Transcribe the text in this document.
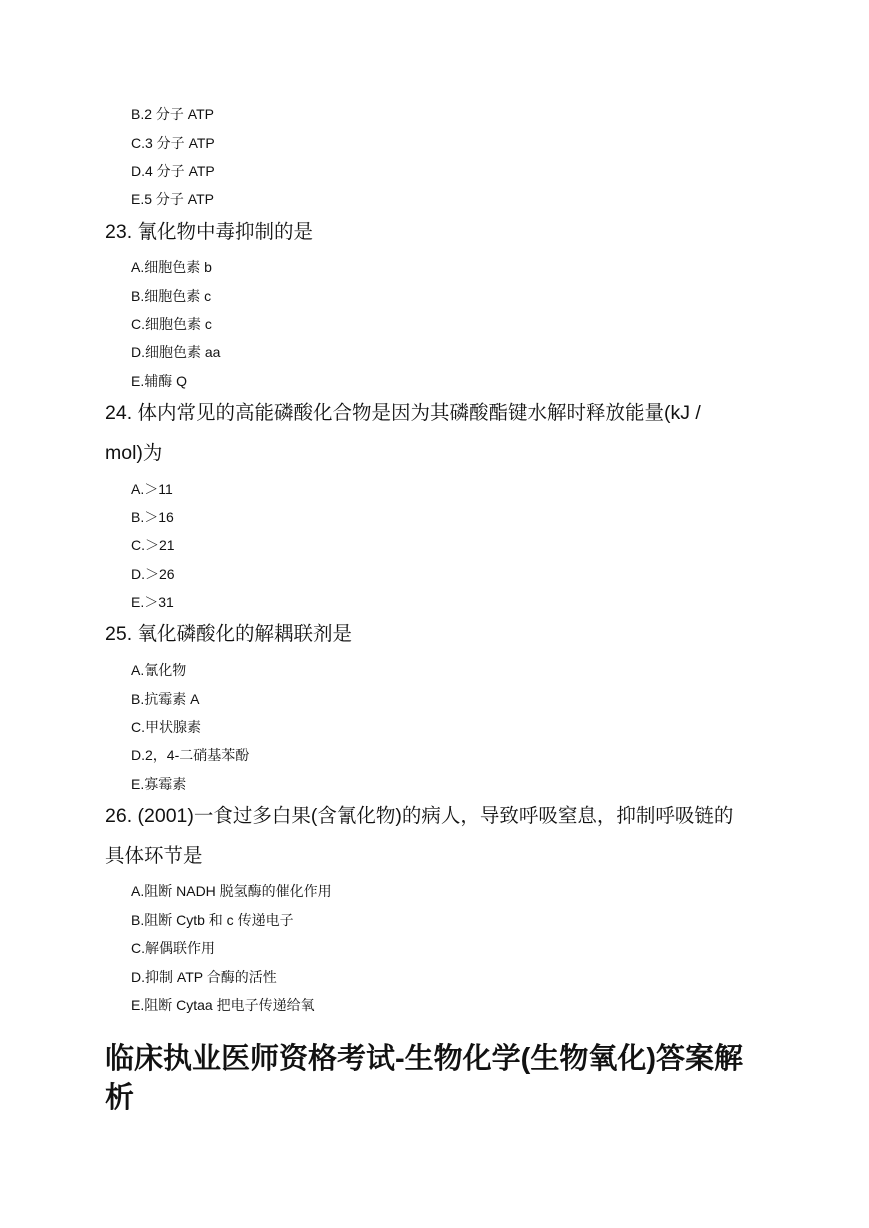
B.2 分子 ATP
C.3 分子 ATP
D.4 分子 ATP
E.5 分子 ATP
23. 氰化物中毒抑制的是
A.细胞色素 b
B.细胞色素 c
C.细胞色素 c
D.细胞色素 aa
E.辅酶 Q
24. 体内常见的高能磷酸化合物是因为其磷酸酯键水解时释放能量(kJ /
mol)为
A.＞11
B.＞16
C.＞21
D.＞26
E.＞31
25. 氧化磷酸化的解耦联剂是
A.氰化物
B.抗霉素 A
C.甲状腺素
D.2，4-二硝基苯酚
E.寡霉素
26. (2001)一食过多白果(含氰化物)的病人，导致呼吸窒息，抑制呼吸链的
具体环节是
A.阻断 NADH 脱氢酶的催化作用
B.阻断 Cytb 和 c 传递电子
C.解偶联作用
D.抑制 ATP 合酶的活性
E.阻断 Cytaa 把电子传递给氧
临床执业医师资格考试-生物化学(生物氧化)答案解
析
